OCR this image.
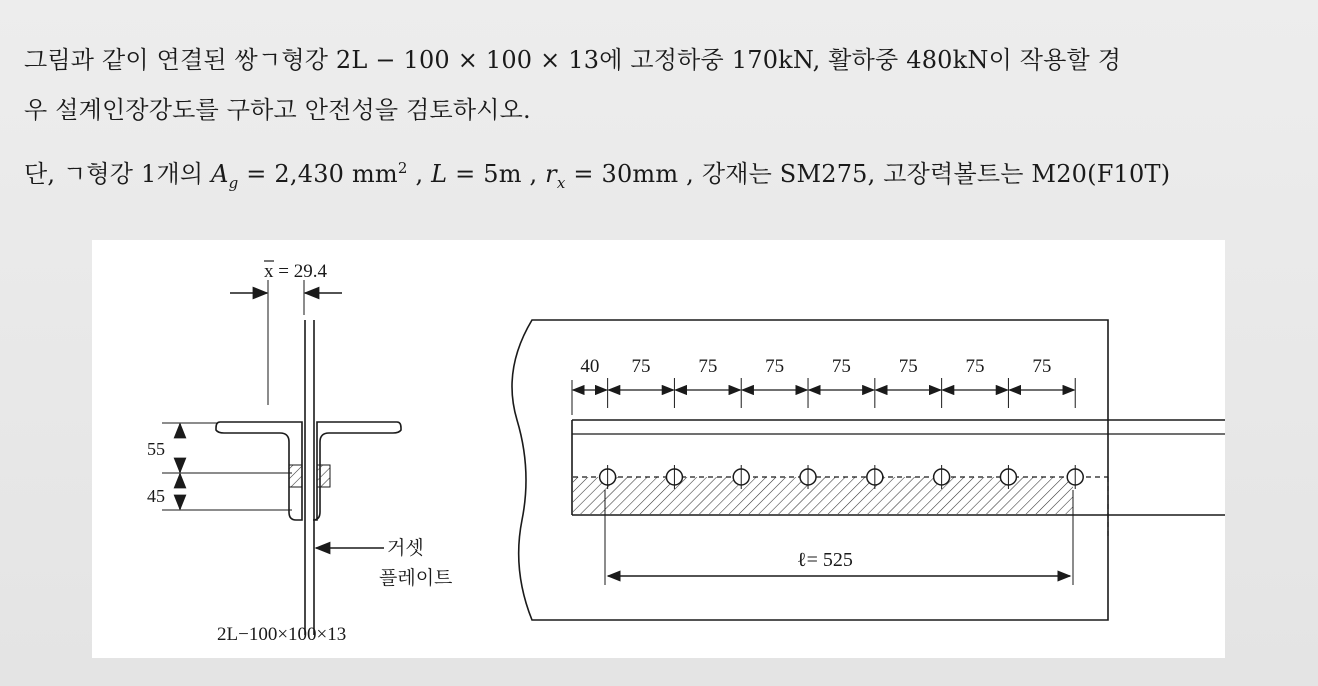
그림과 같이 연결된 쌍ㄱ형강 2L − 100 × 100 × 13에 고정하중 170kN, 활하중 480kN이 작용할 경
우 설계인장강도를 구하고 안전성을 검토하시오.
단, ㄱ형강 1개의 $A_g = 2,430$ $mm^2$ , L = 5m , $r_x = 30mm$ , 강재는 SM275, 고장력볼트는 M20(F10T)
x = 29.4
55
45
거셋
플레이트
2L−100×100×13
40 75	75	75	75	75	75	75
ℓ= 525
